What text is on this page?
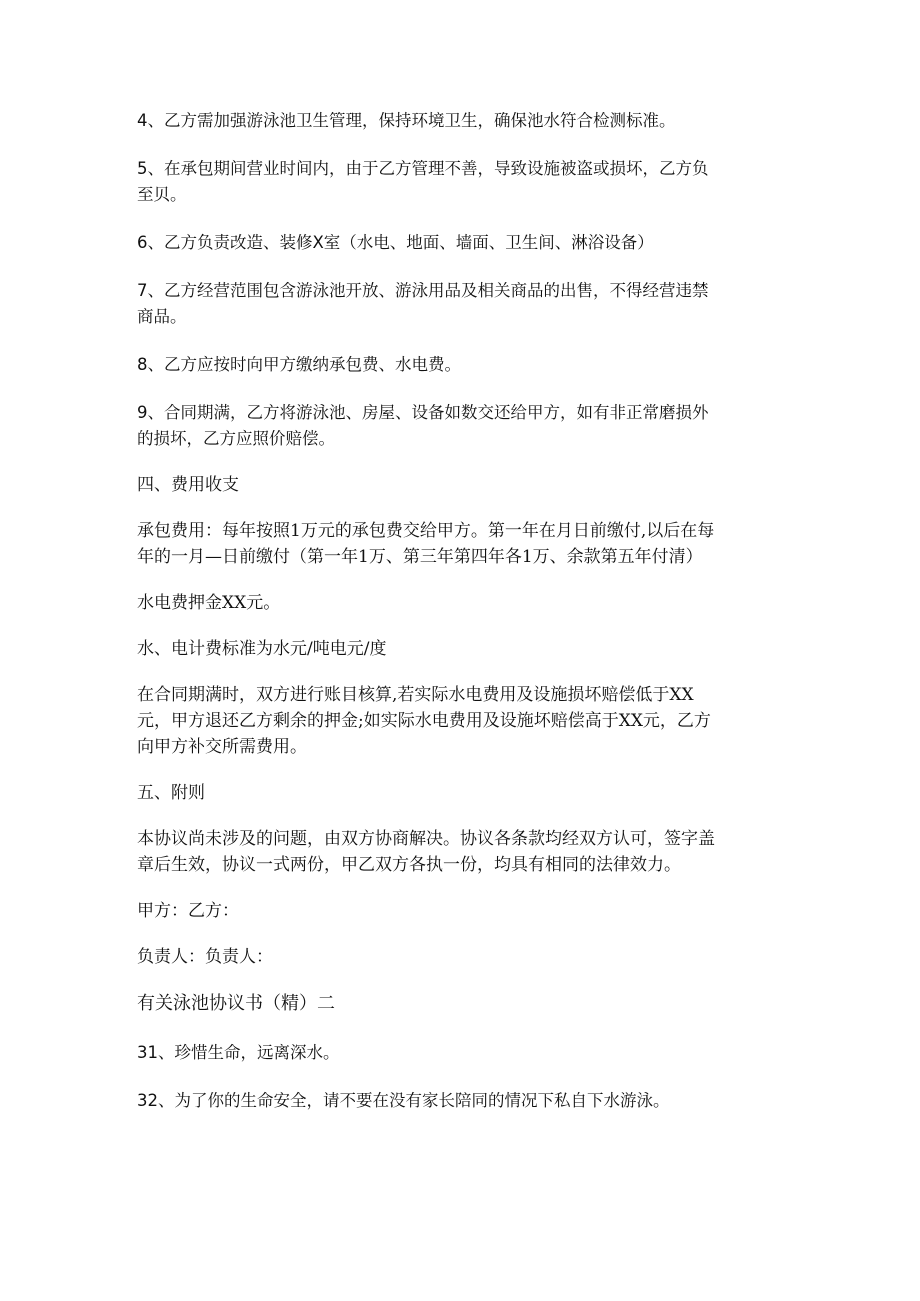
4、乙方需加强游泳池卫生管理，保持环境卫生，确保池水符合检测标准。

5、在承包期间营业时间内，由于乙方管理不善，导致设施被盗或损坏，乙方负
至贝。

6、乙方负责改造、装修X室（水电、地面、墙面、卫生间、淋浴设备）

7、乙方经营范围包含游泳池开放、游泳用品及相关商品的出售，不得经营违禁
商品。

8、乙方应按时向甲方缴纳承包费、水电费。

9、合同期满，乙方将游泳池、房屋、设备如数交还给甲方，如有非正常磨损外
的损坏，乙方应照价赔偿。

四、费用收支

承包费用：每年按照1万元的承包费交给甲方。第一年在月日前缴付,以后在每
年的一月—日前缴付（第一年1万、第三年第四年各1万、余款第五年付清）

水电费押金XX元。

水、电计费标准为水元/吨电元/度

在合同期满时，双方进行账目核算,若实际水电费用及设施损坏赔偿低于XX
元，甲方退还乙方剩余的押金;如实际水电费用及设施坏赔偿高于XX元，乙方
向甲方补交所需费用。

五、附则

本协议尚未涉及的问题，由双方协商解决。协议各条款均经双方认可，签字盖
章后生效，协议一式两份，甲乙双方各执一份，均具有相同的法律效力。

甲方：乙方：

负责人：负责人：

有关泳池协议书（精）二

31、珍惜生命，远离深水。

32、为了你的生命安全，请不要在没有家长陪同的情况下私自下水游泳。
